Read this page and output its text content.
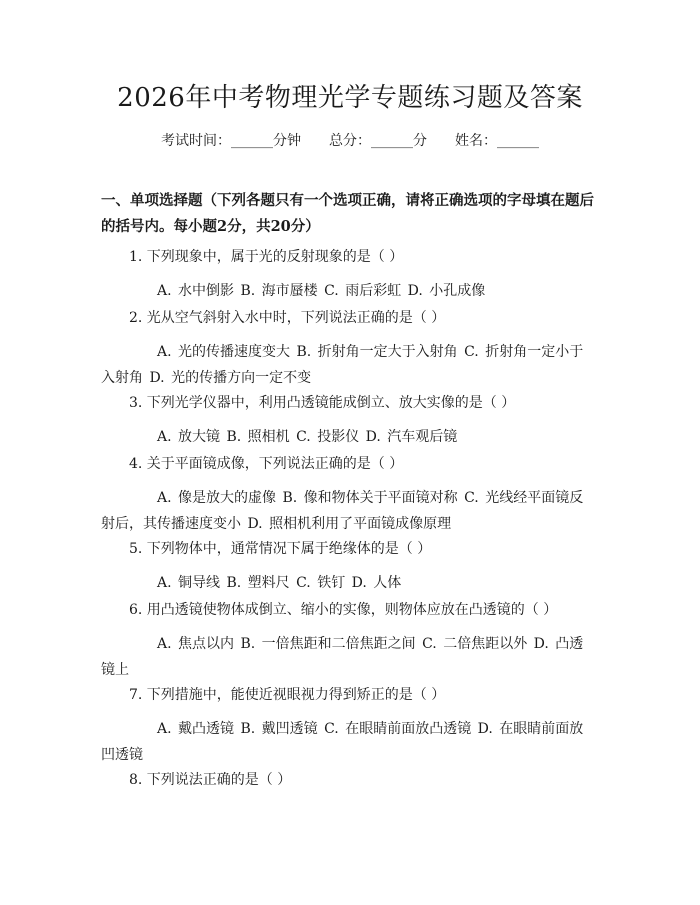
2026年中考物理光学专题练习题及答案
考试时间：______分钟 总分：______分 姓名：______

一、单项选择题（下列各题只有一个选项正确，请将正确选项的字母填在题后的括号内。每小题2分，共20分）

1. 下列现象中，属于光的反射现象的是（ ）
A. 水中倒影 B. 海市蜃楼 C. 雨后彩虹 D. 小孔成像
2. 光从空气斜射入水中时，下列说法正确的是（ ）
A. 光的传播速度变大 B. 折射角一定大于入射角 C. 折射角一定小于入射角 D. 光的传播方向一定不变
3. 下列光学仪器中，利用凸透镜能成倒立、放大实像的是（ ）
A. 放大镜 B. 照相机 C. 投影仪 D. 汽车观后镜
4. 关于平面镜成像，下列说法正确的是（ ）
A. 像是放大的虚像 B. 像和物体关于平面镜对称 C. 光线经平面镜反射后，其传播速度变小 D. 照相机利用了平面镜成像原理
5. 下列物体中，通常情况下属于绝缘体的是（ ）
A. 铜导线 B. 塑料尺 C. 铁钉 D. 人体
6. 用凸透镜使物体成倒立、缩小的实像，则物体应放在凸透镜的（ ）
A. 焦点以内 B. 一倍焦距和二倍焦距之间 C. 二倍焦距以外 D. 凸透镜上
7. 下列措施中，能使近视眼视力得到矫正的是（ ）
A. 戴凸透镜 B. 戴凹透镜 C. 在眼睛前面放凸透镜 D. 在眼睛前面放凹透镜
8. 下列说法正确的是（ ）
